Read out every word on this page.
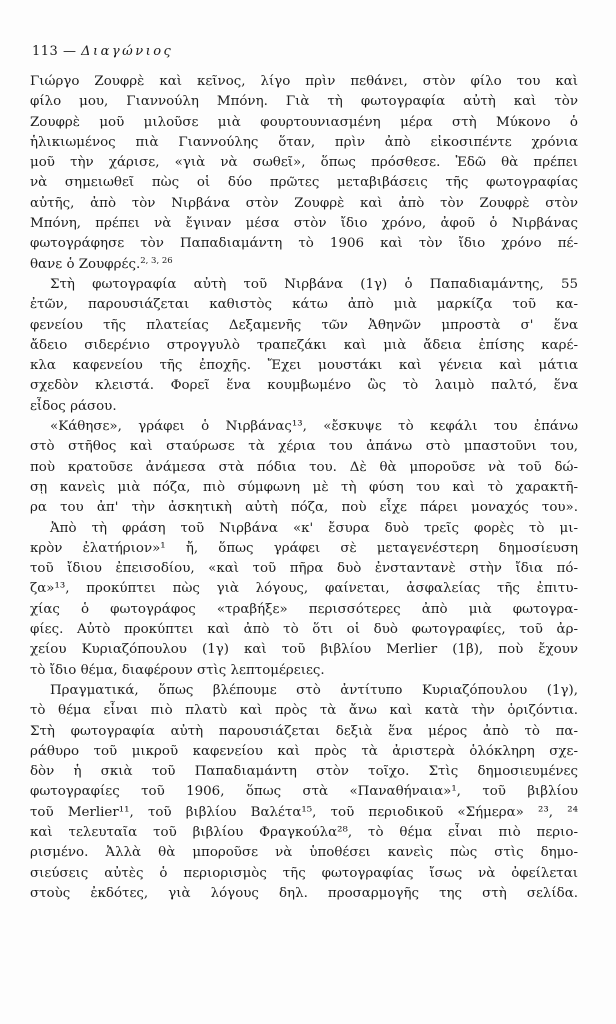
113 — Διαγώνιος
Γιώργο Ζουφρὲ καὶ κεῖνος, λίγο πρὶν πεθάνει, στὸν φίλο του καὶ
φίλο μου, Γιαννούλη Μπόνη. Γιὰ τὴ φωτογραφία αὐτὴ καὶ τὸν
Ζουφρὲ μοῦ μιλοῦσε μιὰ φουρτουνιασμένη μέρα στὴ Μύκονο ὁ
ἡλικιωμένος πιὰ Γιαννούλης ὅταν, πρὶν ἀπὸ εἰκοσιπέντε χρόνια
μοῦ τὴν χάρισε, «γιὰ νὰ σωθεῖ», ὅπως πρόσθεσε. Ἐδῶ θὰ πρέπει
νὰ σημειωθεῖ πὼς οἱ δύο πρῶτες μεταβιβάσεις τῆς φωτογραφίας
αὐτῆς, ἀπὸ τὸν Νιρβάνα στὸν Ζουφρὲ καὶ ἀπὸ τὸν Ζουφρὲ στὸν
Μπόνη, πρέπει νὰ ἔγιναν μέσα στὸν ἴδιο χρόνο, ἀφοῦ ὁ Νιρβάνας
φωτογράφησε τὸν Παπαδιαμάντη τὸ 1906 καὶ τὸν ἴδιο χρόνο πέ-
θανε ὁ Ζουφρές.$^{2, 3, 26}$
Στὴ φωτογραφία αὐτὴ τοῦ Νιρβάνα (1γ) ὁ Παπαδιαμάντης, 55
ἐτῶν, παρουσιάζεται καθιστὸς κάτω ἀπὸ μιὰ μαρκίζα τοῦ κα-
φενείου τῆς πλατείας Δεξαμενῆς τῶν Ἀθηνῶν μπροστὰ σ' ἕνα
ἄδειο σιδερένιο στρογγυλὸ τραπεζάκι καὶ μιὰ ἄδεια ἐπίσης καρέ-
κλα καφενείου τῆς ἐποχῆς. Ἔχει μουστάκι καὶ γένεια καὶ μάτια
σχεδὸν κλειστά. Φορεῖ ἕνα κουμβωμένο ὣς τὸ λαιμὸ παλτό, ἕνα
εἶδος ράσου.
«Κάθησε», γράφει ὁ Νιρβάνας¹³, «ἔσκυψε τὸ κεφάλι του ἐπάνω
στὸ στῆθος καὶ σταύρωσε τὰ χέρια του ἀπάνω στὸ μπαστοῦνι του,
ποὺ κρατοῦσε ἀνάμεσα στὰ πόδια του. Δὲ θὰ μποροῦσε νὰ τοῦ δώ-
σῃ κανεὶς μιὰ πόζα, πιὸ σύμφωνη μὲ τὴ φύση του καὶ τὸ χαρακτῆ-
ρα του ἀπ' τὴν ἀσκητικὴ αὐτὴ πόζα, ποὺ εἶχε πάρει μοναχός του».
Ἀπὸ τὴ φράση τοῦ Νιρβάνα «κ' ἔσυρα δυὸ τρεῖς φορὲς τὸ μι-
κρὸν ἐλατήριον»¹ ἤ, ὅπως γράφει σὲ μεταγενέστερη δημοσίευση
τοῦ ἴδιου ἐπεισοδίου, «καὶ τοῦ πῆρα δυὸ ἐνσταντανὲ στὴν ἴδια πό-
ζα»¹³, προκύπτει πὼς γιὰ λόγους, φαίνεται, ἀσφαλείας τῆς ἐπιτυ-
χίας ὁ φωτογράφος «τραβήξε» περισσότερες ἀπὸ μιὰ φωτογρα-
φίες. Αὐτὸ προκύπτει καὶ ἀπὸ τὸ ὅτι οἱ δυὸ φωτογραφίες, τοῦ ἀρ-
χείου Κυριαζόπουλου (1γ) καὶ τοῦ βιβλίου Merlier (1β), ποὺ ἔχουν
τὸ ἴδιο θέμα, διαφέρουν στὶς λεπτομέρειες.
Πραγματικά, ὅπως βλέπουμε στὸ ἀντίτυπο Κυριαζόπουλου (1γ),
τὸ θέμα εἶναι πιὸ πλατὺ καὶ πρὸς τὰ ἄνω καὶ κατὰ τὴν ὁριζόντια.
Στὴ φωτογραφία αὐτὴ παρουσιάζεται δεξιὰ ἕνα μέρος ἀπὸ τὸ πα-
ράθυρο τοῦ μικροῦ καφενείου καὶ πρὸς τὰ ἀριστερὰ ὁλόκληρη σχε-
δὸν ἡ σκιὰ τοῦ Παπαδιαμάντη στὸν τοῖχο. Στὶς δημοσιευμένες
φωτογραφίες τοῦ 1906, ὅπως στὰ «Παναθήναια»¹, τοῦ βιβλίου
τοῦ Merlier¹¹, τοῦ βιβλίου Βαλέτα¹⁵, τοῦ περιοδικοῦ «Σήμερα» ²³, ²⁴
καὶ τελευταῖα τοῦ βιβλίου Φραγκούλα²⁸, τὸ θέμα εἶναι πιὸ περιο-
ρισμένο. Ἀλλὰ θὰ μποροῦσε νὰ ὑποθέσει κανεὶς πὼς στὶς δημο-
σιεύσεις αὐτὲς ὁ περιορισμὸς τῆς φωτογραφίας ἴσως νὰ ὀφείλεται
στοὺς ἐκδότες, γιὰ λόγους δηλ. προσαρμογῆς της στὴ σελίδα.
